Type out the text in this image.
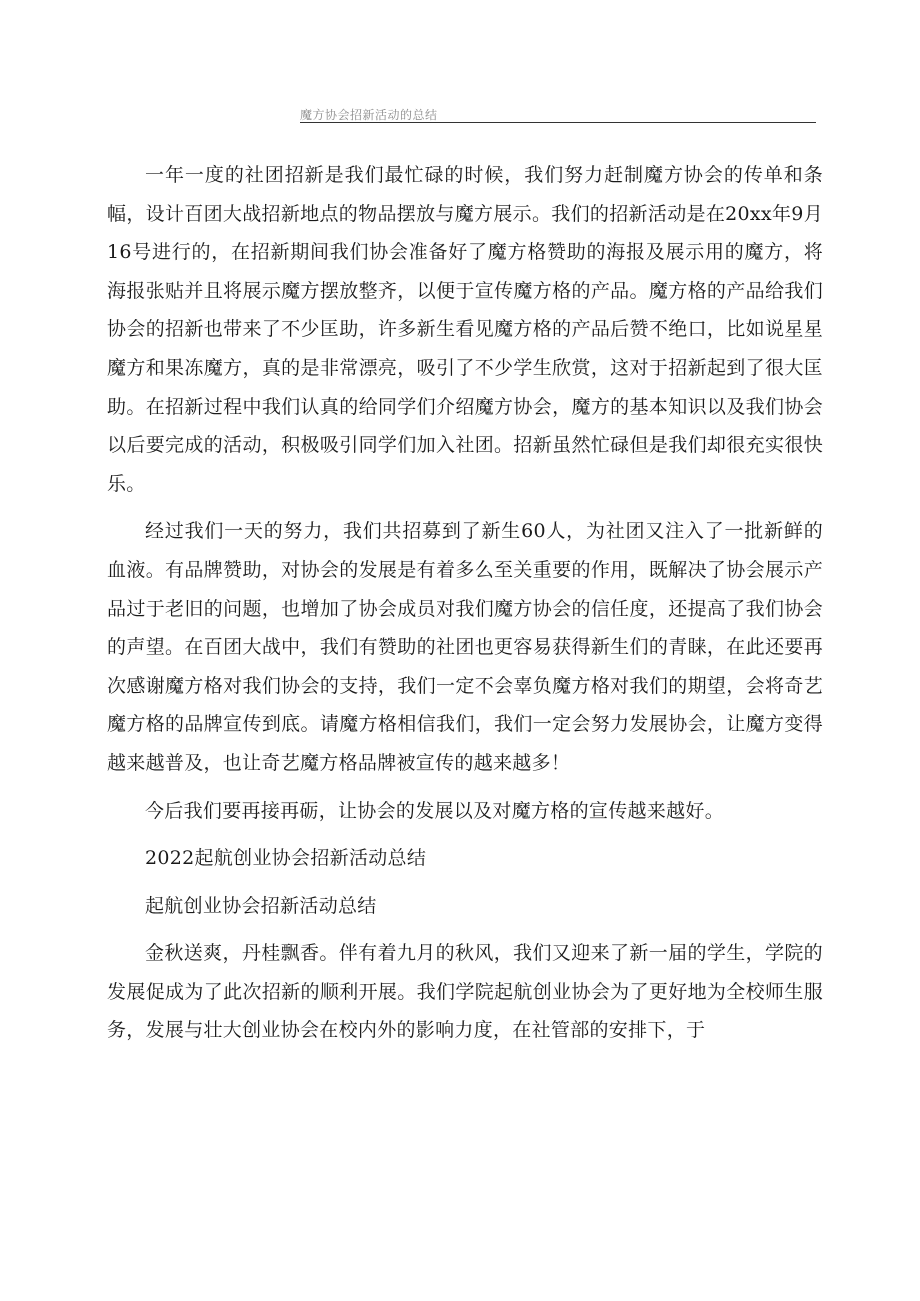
魔方协会招新活动的总结

一年一度的社团招新是我们最忙碌的时候，我们努力赶制魔方协会的传单和条幅，设计百团大战招新地点的物品摆放与魔方展示。我们的招新活动是在20xx年9月16号进行的，在招新期间我们协会准备好了魔方格赞助的海报及展示用的魔方，将海报张贴并且将展示魔方摆放整齐，以便于宣传魔方格的产品。魔方格的产品给我们协会的招新也带来了不少匡助，许多新生看见魔方格的产品后赞不绝口，比如说星星魔方和果冻魔方，真的是非常漂亮，吸引了不少学生欣赏，这对于招新起到了很大匡助。在招新过程中我们认真的给同学们介绍魔方协会，魔方的基本知识以及我们协会以后要完成的活动，积极吸引同学们加入社团。招新虽然忙碌但是我们却很充实很快乐。

经过我们一天的努力，我们共招募到了新生60人，为社团又注入了一批新鲜的血液。有品牌赞助，对协会的发展是有着多么至关重要的作用，既解决了协会展示产品过于老旧的问题，也增加了协会成员对我们魔方协会的信任度，还提高了我们协会的声望。在百团大战中，我们有赞助的社团也更容易获得新生们的青睐，在此还要再次感谢魔方格对我们协会的支持，我们一定不会辜负魔方格对我们的期望，会将奇艺魔方格的品牌宣传到底。请魔方格相信我们，我们一定会努力发展协会，让魔方变得越来越普及，也让奇艺魔方格品牌被宣传的越来越多！

今后我们要再接再砺，让协会的发展以及对魔方格的宣传越来越好。

2022起航创业协会招新活动总结

起航创业协会招新活动总结

金秋送爽，丹桂飘香。伴有着九月的秋风，我们又迎来了新一届的学生，学院的发展促成为了此次招新的顺利开展。我们学院起航创业协会为了更好地为全校师生服务，发展与壮大创业协会在校内外的影响力度，在社管部的安排下，于
